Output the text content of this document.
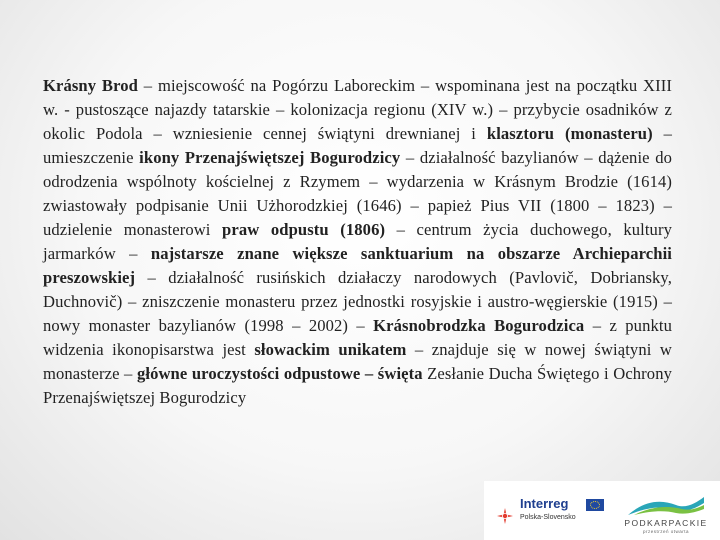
Krásny Brod – miejscowość na Pogórzu Laboreckim – wspominana jest na początku XIII w. - pustoszące najazdy tatarskie – kolonizacja regionu (XIV w.) – przybycie osadników z okolic Podola – wzniesienie cennej świątyni drewnianej i klasztoru (monasteru) – umieszczenie ikony Przenajświętszej Bogurodzicy – działalność bazylianów – dążenie do odrodzenia wspólnoty kościelnej z Rzymem – wydarzenia w Krásnym Brodzie (1614) zwiastowały podpisanie Unii Użhorodzkiej (1646) – papież Pius VII (1800 – 1823) – udzielenie monasterowi praw odpustu (1806) – centrum życia duchowego, kultury jarmarków – najstarsze znane większe sanktuarium na obszarze Archieparchii preszowskiej – działalność rusińskich działaczy narodowych (Pavlovič, Dobriansky, Duchnovič) – zniszczenie monasteru przez jednostki rosyjskie i austro-węgierskie (1915) – nowy monaster bazylianów (1998 – 2002) – Krásnobrodzka Bogurodzica – z punktu widzenia ikonopisarstwa jest słowackim unikatem – znajduje się w nowej świątyni w monasterze – główne uroczystości odpustowe – święta Zesłanie Ducha Świętego i Ochrony Przenajświętszej Bogurodzicy
Interreg
Polska-Slovensko
PODKARPACKIE
przestrzeń otwarta
